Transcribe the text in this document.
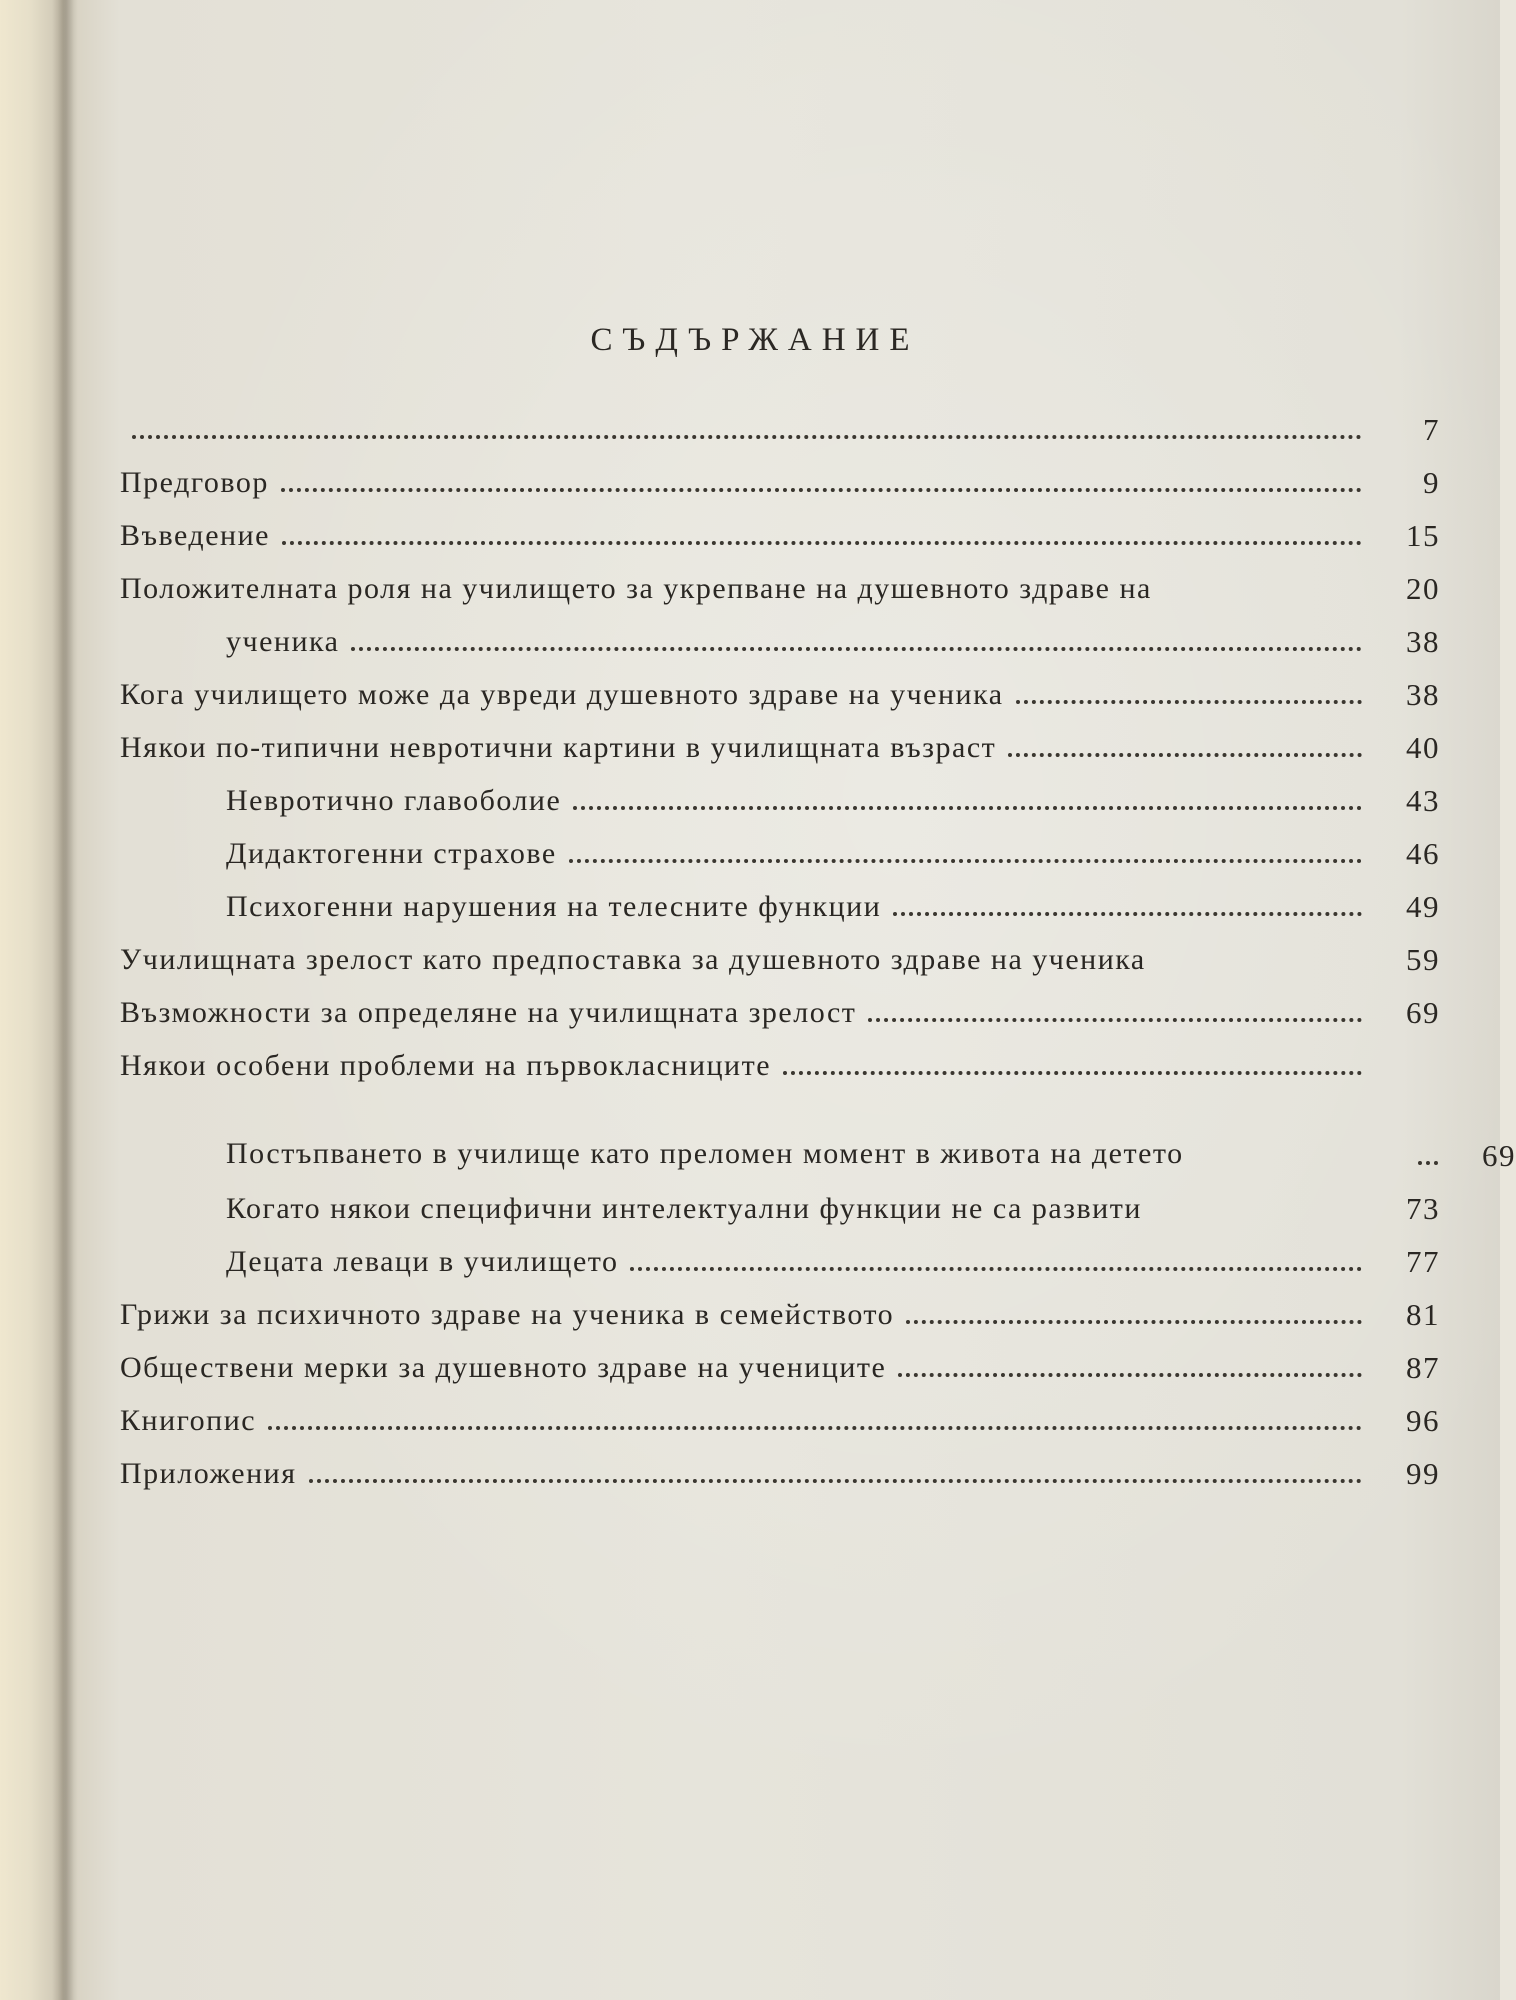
СЪДЪРЖАНИЕ
7
Предговор	9
Въведение	15
Положителната роля на училището за укрепване на душевното здраве на	20
ученика	38
Кога училището може да увреди душевното здраве на ученика	38
Някои по-типични невротични картини в училищната възраст	40
Невротично главоболие	43
Дидактогенни страхове	46
Психогенни нарушения на телесните функции	49
Училищната зрелост като предпоставка за душевното здраве на ученика	59
Възможности за определяне на училищната зрелост	69
Някои особени проблеми на първокласниците
Постъпването в училище като преломен момент в живота на детето	69
Когато някои специфични интелектуални функции не са развити	73
Децата леваци в училището	77
Грижи за психичното здраве на ученика в семейството	81
Обществени мерки за душевното здраве на учениците	87
Книгопис	96
Приложения	99
